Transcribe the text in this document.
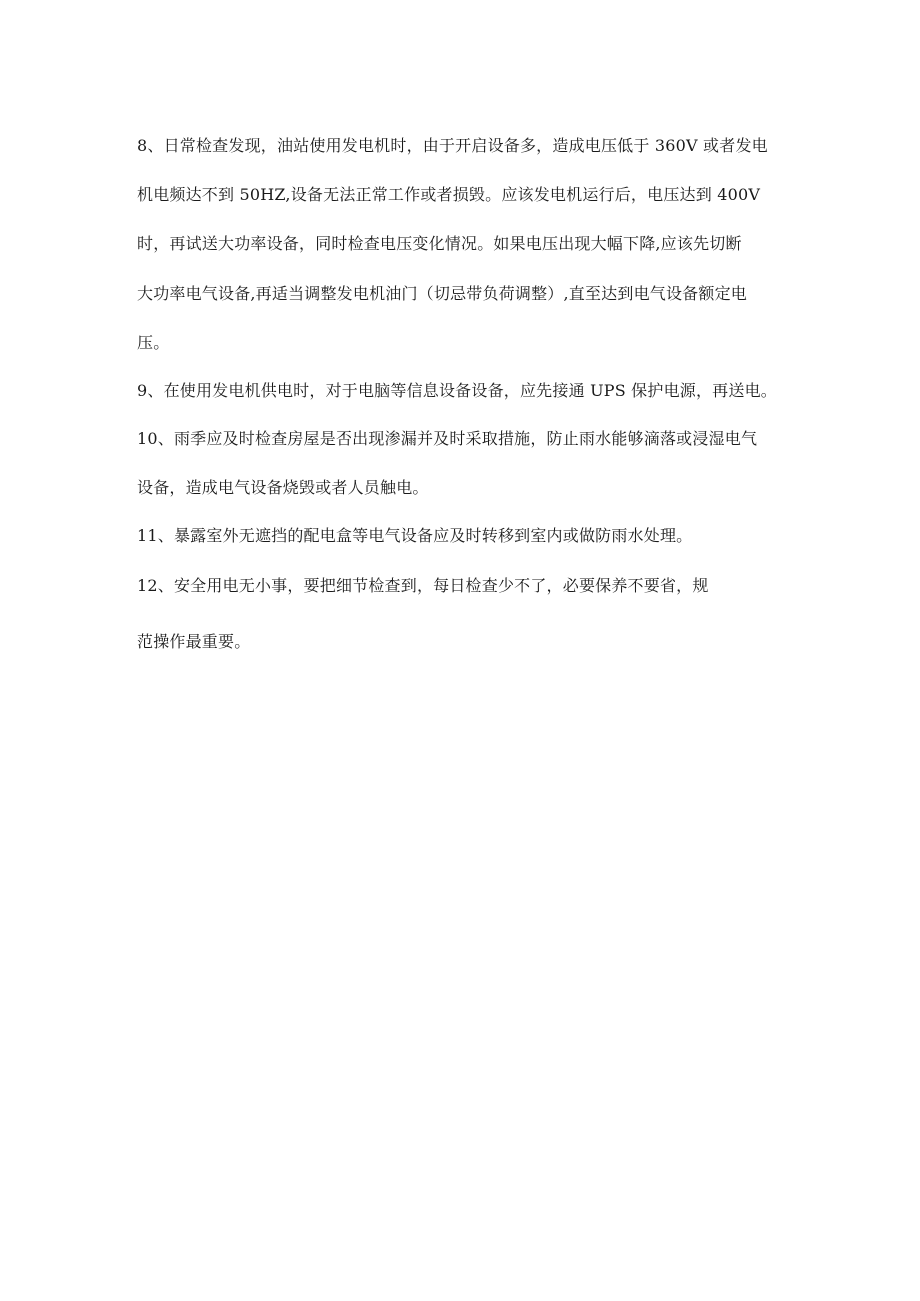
8、日常检查发现，油站使用发电机时，由于开启设备多，造成电压低于 360V 或者发电
机电频达不到 50HZ,设备无法正常工作或者损毁。应该发电机运行后，电压达到 400V
时，再试送大功率设备，同时检查电压变化情况。如果电压出现大幅下降,应该先切断
大功率电气设备,再适当调整发电机油门（切忌带负荷调整）,直至达到电气设备额定电
压。
9、在使用发电机供电时，对于电脑等信息设备设备，应先接通 UPS 保护电源，再送电。
10、雨季应及时检查房屋是否出现渗漏并及时采取措施，防止雨水能够滴落或浸湿电气
设备，造成电气设备烧毁或者人员触电。
11、暴露室外无遮挡的配电盒等电气设备应及时转移到室内或做防雨水处理。
12、安全用电无小事，要把细节检查到，每日检查少不了，必要保养不要省，规
范操作最重要。
